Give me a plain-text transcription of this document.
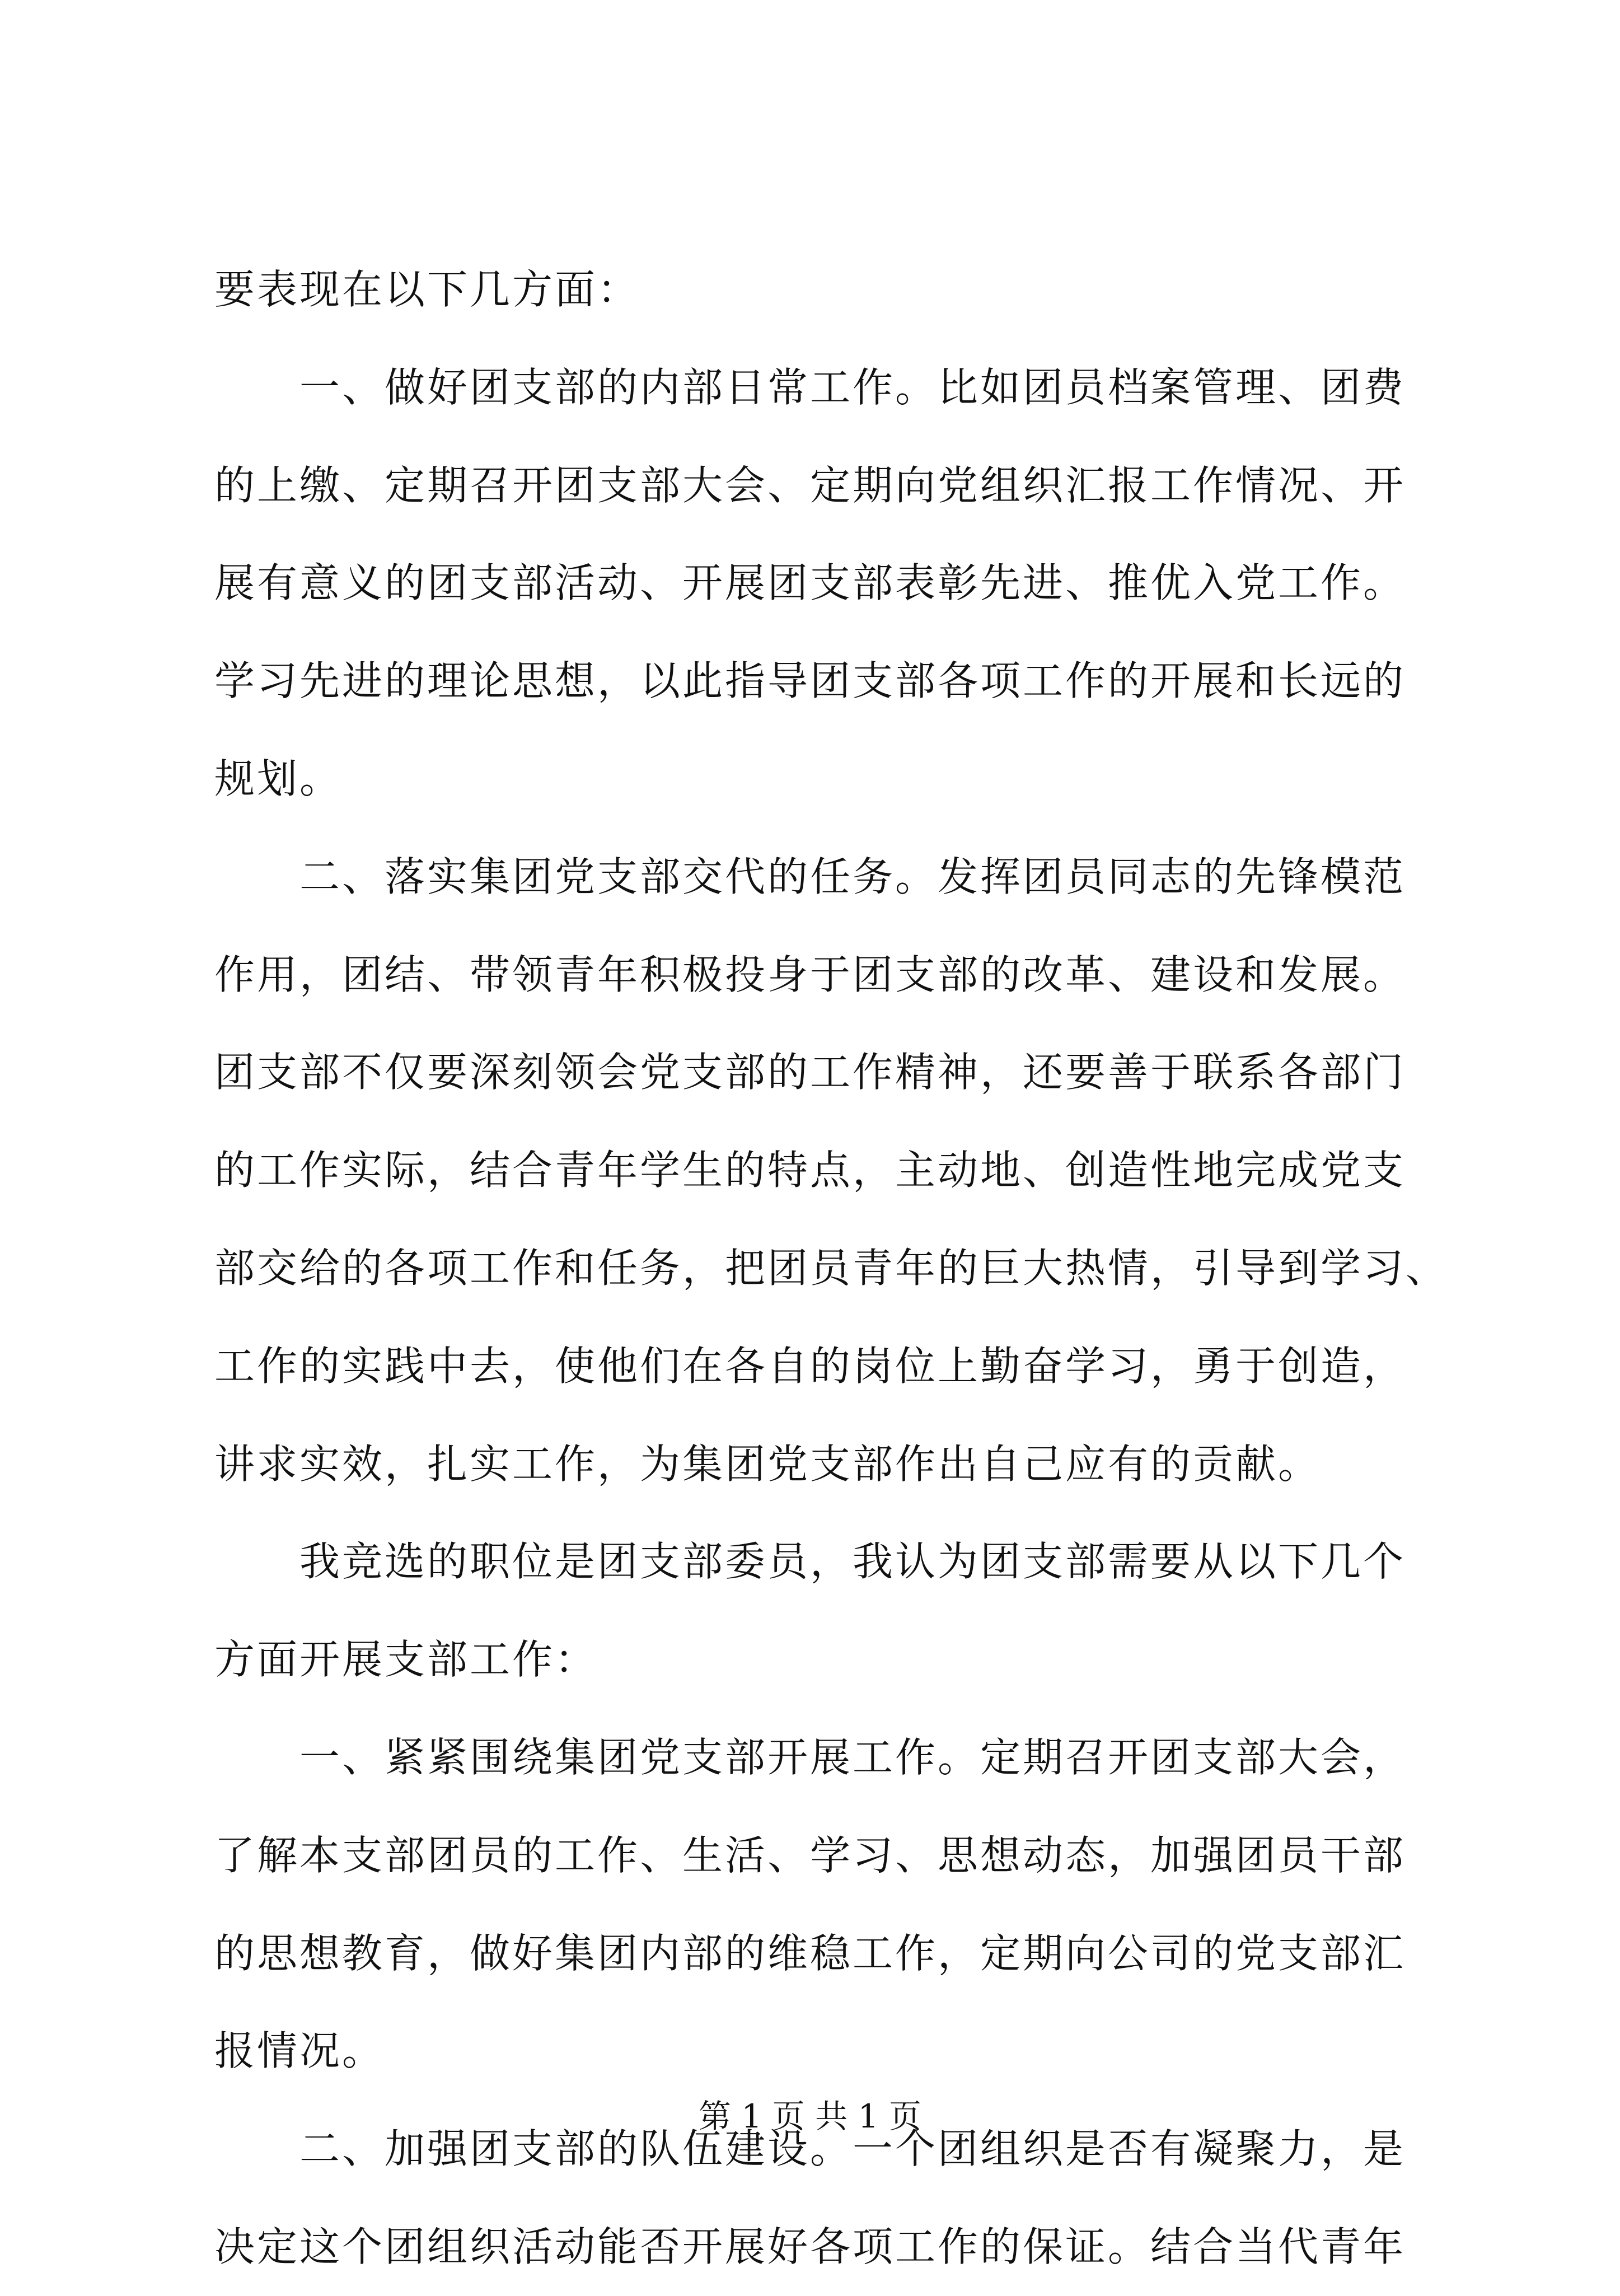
要表现在以下几方面：
　　一、做好团支部的内部日常工作。比如团员档案管理、团费
的上缴、定期召开团支部大会、定期向党组织汇报工作情况、开
展有意义的团支部活动、开展团支部表彰先进、推优入党工作。
学习先进的理论思想，以此指导团支部各项工作的开展和长远的
规划。
　　二、落实集团党支部交代的任务。发挥团员同志的先锋模范
作用，团结、带领青年积极投身于团支部的改革、建设和发展。
团支部不仅要深刻领会党支部的工作精神，还要善于联系各部门
的工作实际，结合青年学生的特点，主动地、创造性地完成党支
部交给的各项工作和任务，把团员青年的巨大热情，引导到学习、
工作的实践中去，使他们在各自的岗位上勤奋学习，勇于创造，
讲求实效，扎实工作，为集团党支部作出自己应有的贡献。
　　我竞选的职位是团支部委员，我认为团支部需要从以下几个
方面开展支部工作：
　　一、紧紧围绕集团党支部开展工作。定期召开团支部大会，
了解本支部团员的工作、生活、学习、思想动态，加强团员干部
的思想教育，做好集团内部的维稳工作，定期向公司的党支部汇
报情况。
　　二、加强团支部的队伍建设。一个团组织是否有凝聚力，是
决定这个团组织活动能否开展好各项工作的保证。结合当代青年
第 1 页 共 1 页
